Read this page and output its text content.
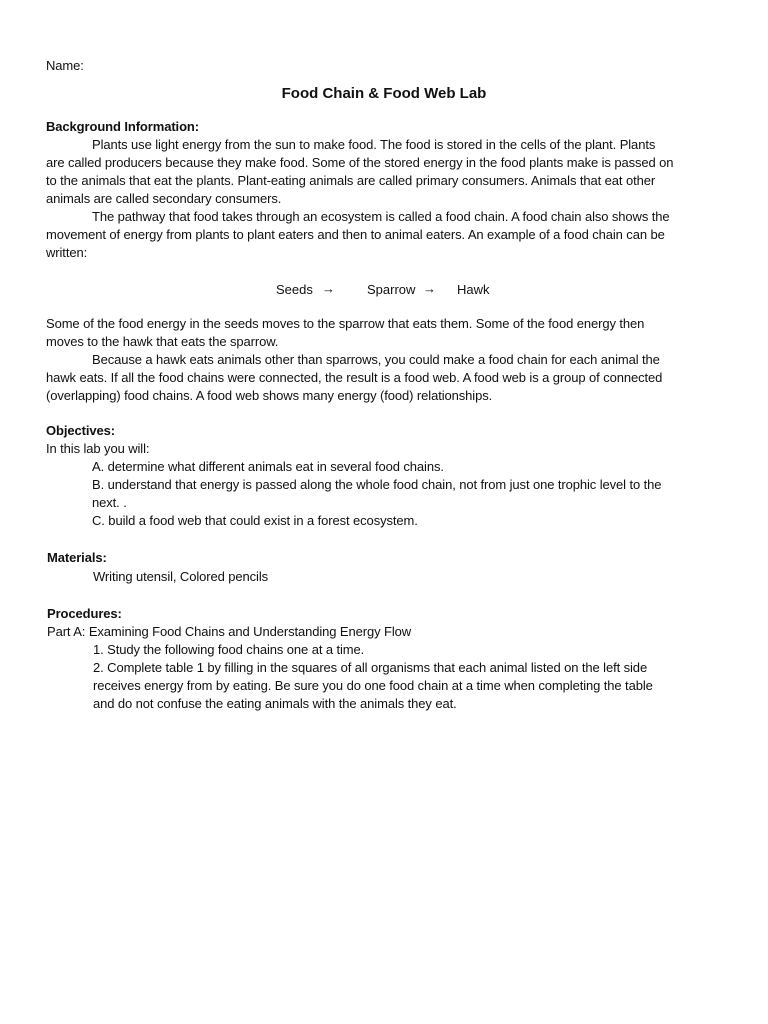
Name:
Food Chain & Food Web Lab
Background Information:
Plants use light energy from the sun to make food. The food is stored in the cells of the plant. Plants
are called producers because they make food. Some of the stored energy in the food plants make is passed on
to the animals that eat the plants. Plant-eating animals are called primary consumers. Animals that eat other
animals are called secondary consumers.
The pathway that food takes through an ecosystem is called a food chain. A food chain also shows the
movement of energy from plants to plant eaters and then to animal eaters. An example of a food chain can be
written:
Seeds → Sparrow → Hawk
Some of the food energy in the seeds moves to the sparrow that eats them. Some of the food energy then
moves to the hawk that eats the sparrow.
Because a hawk eats animals other than sparrows, you could make a food chain for each animal the
hawk eats. If all the food chains were connected, the result is a food web. A food web is a group of connected
(overlapping) food chains. A food web shows many energy (food) relationships.
Objectives:
In this lab you will:
A. determine what different animals eat in several food chains.
B. understand that energy is passed along the whole food chain, not from just one trophic level to the
next. .
C. build a food web that could exist in a forest ecosystem.
Materials:
Writing utensil, Colored pencils
Procedures:
Part A: Examining Food Chains and Understanding Energy Flow
1. Study the following food chains one at a time.
2. Complete table 1 by filling in the squares of all organisms that each animal listed on the left side
receives energy from by eating. Be sure you do one food chain at a time when completing the table
and do not confuse the eating animals with the animals they eat.
